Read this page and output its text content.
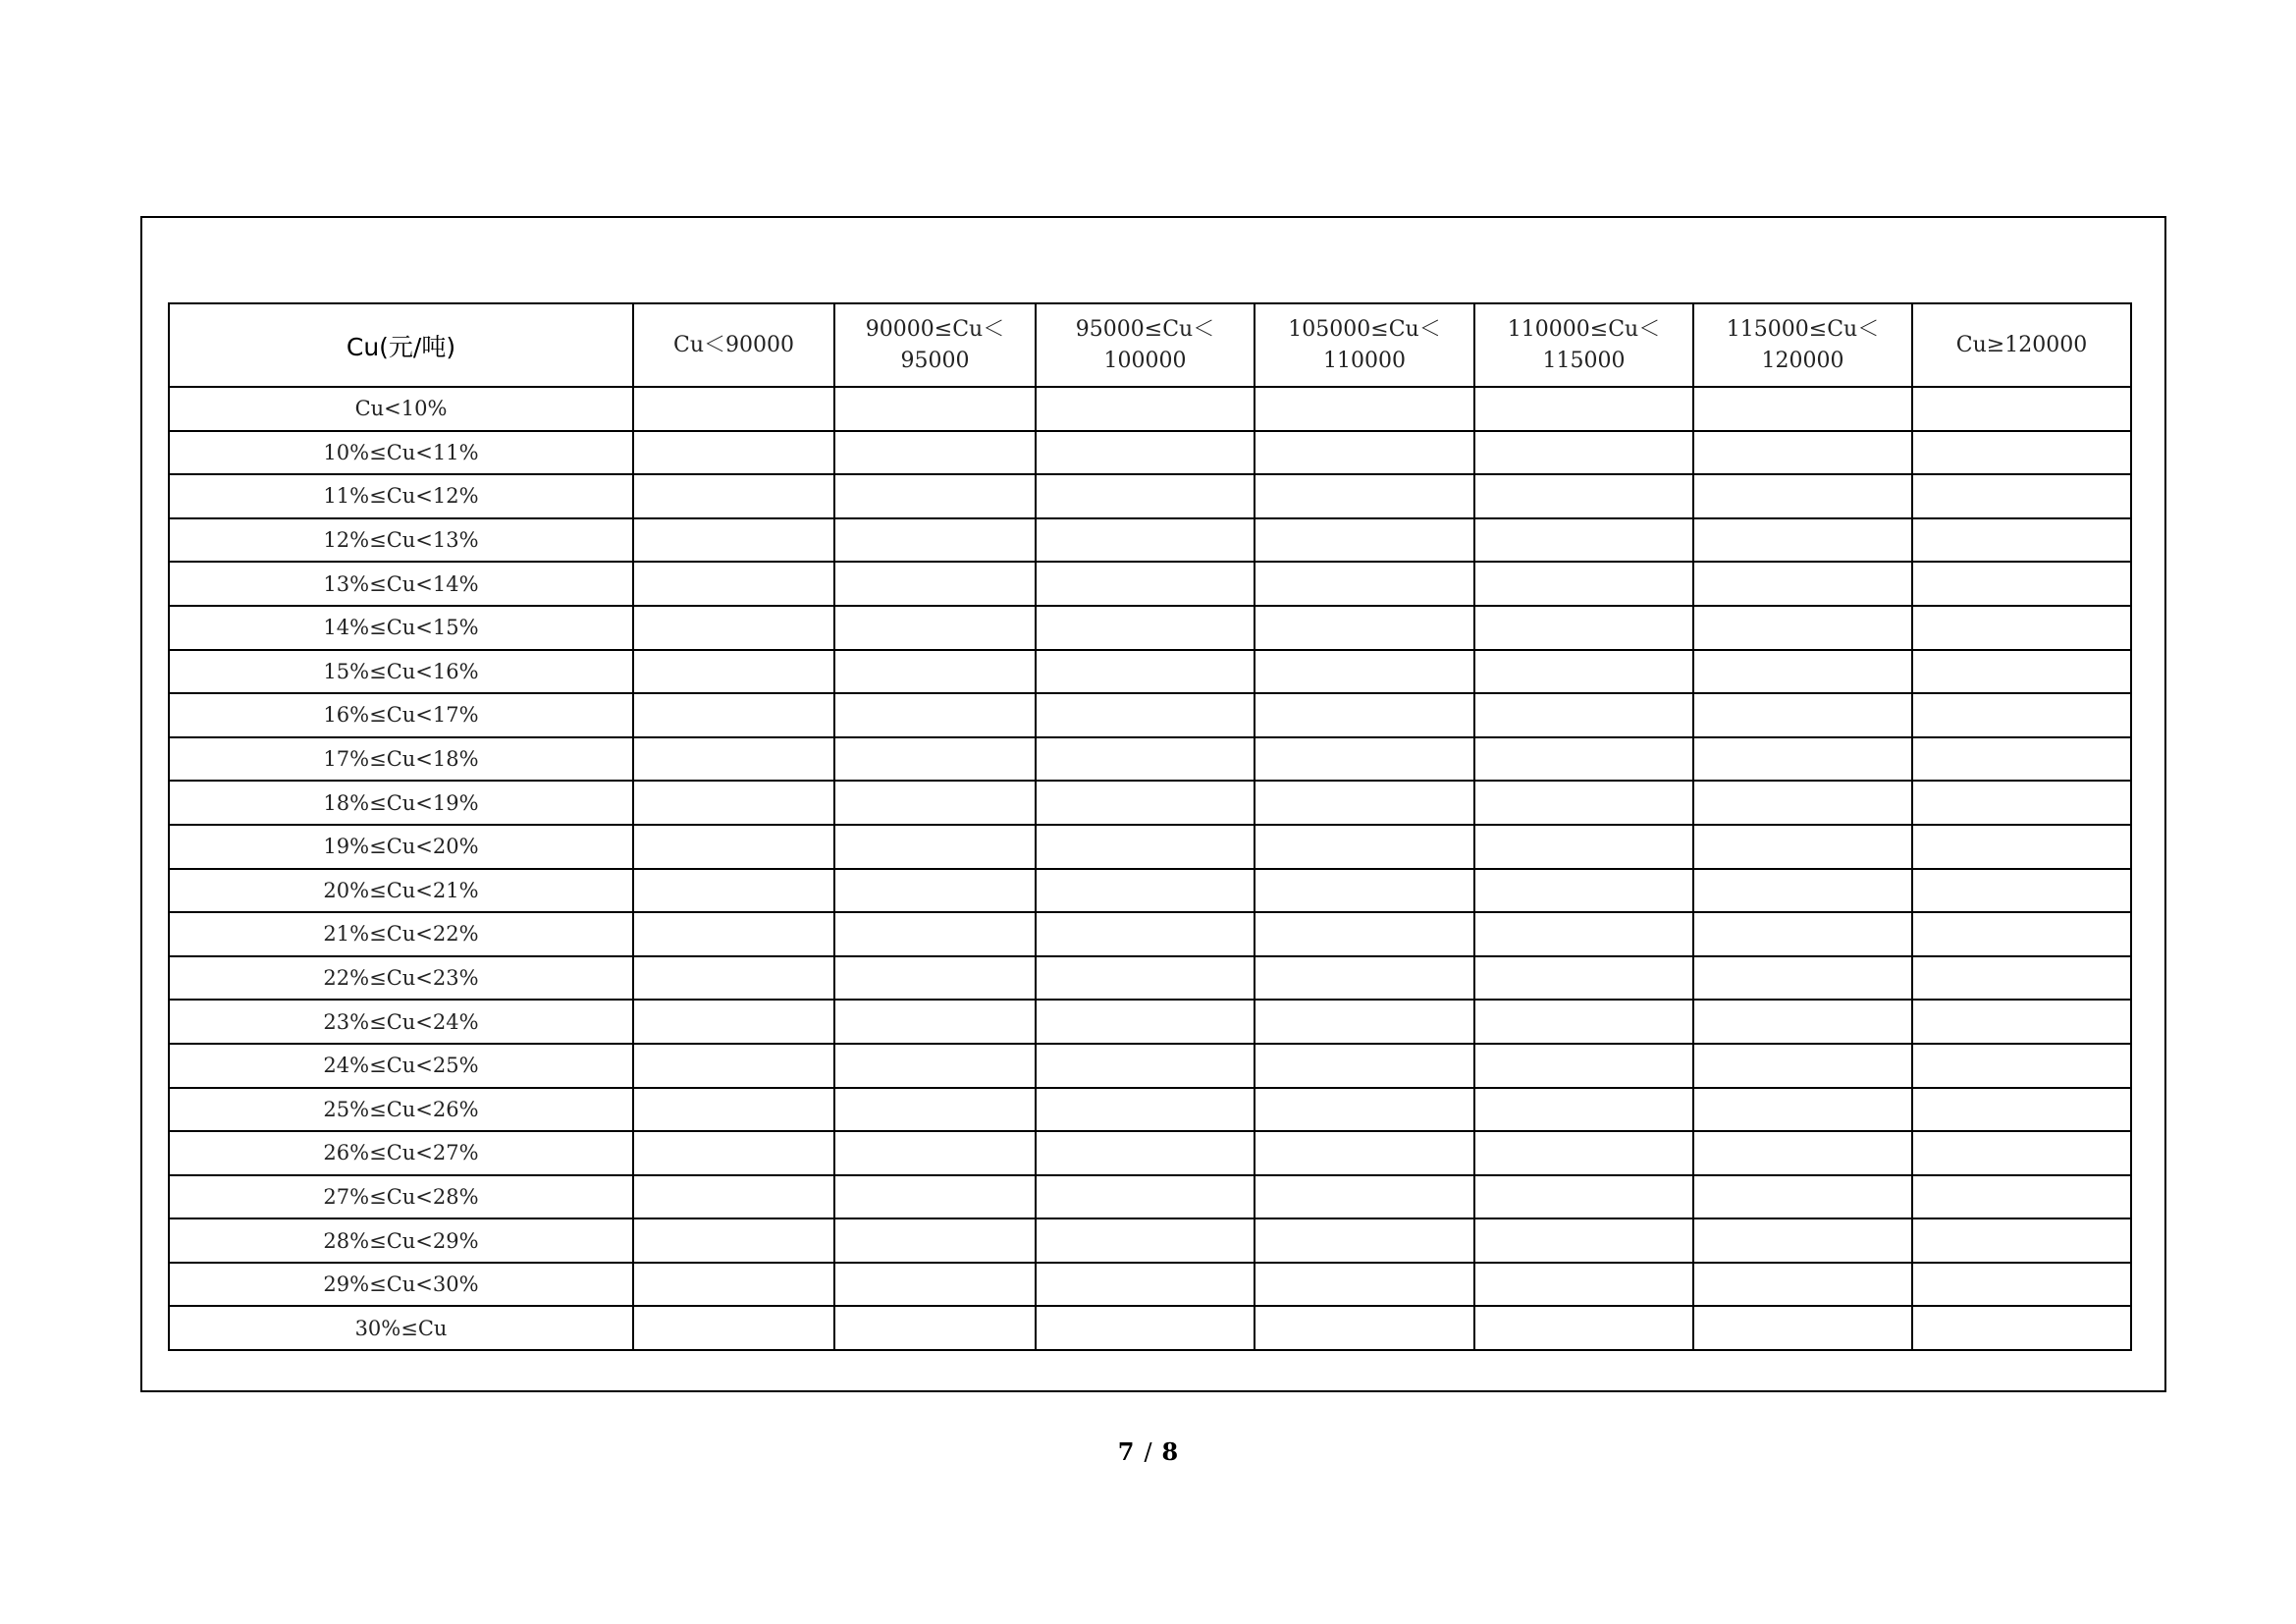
Cu(元/吨)	Cu＜90000	90000≤Cu＜ 95000	95000≤Cu＜ 100000	105000≤Cu＜ 110000	110000≤Cu＜ 115000	115000≤Cu＜ 120000	Cu≥120000
Cu<10%							
10%≤Cu<11%							
11%≤Cu<12%							
12%≤Cu<13%							
13%≤Cu<14%							
14%≤Cu<15%							
15%≤Cu<16%							
16%≤Cu<17%							
17%≤Cu<18%							
18%≤Cu<19%							
19%≤Cu<20%							
20%≤Cu<21%							
21%≤Cu<22%							
22%≤Cu<23%							
23%≤Cu<24%							
24%≤Cu<25%							
25%≤Cu<26%							
26%≤Cu<27%							
27%≤Cu<28%							
28%≤Cu<29%							
29%≤Cu<30%							
30%≤Cu							
7 / 8
